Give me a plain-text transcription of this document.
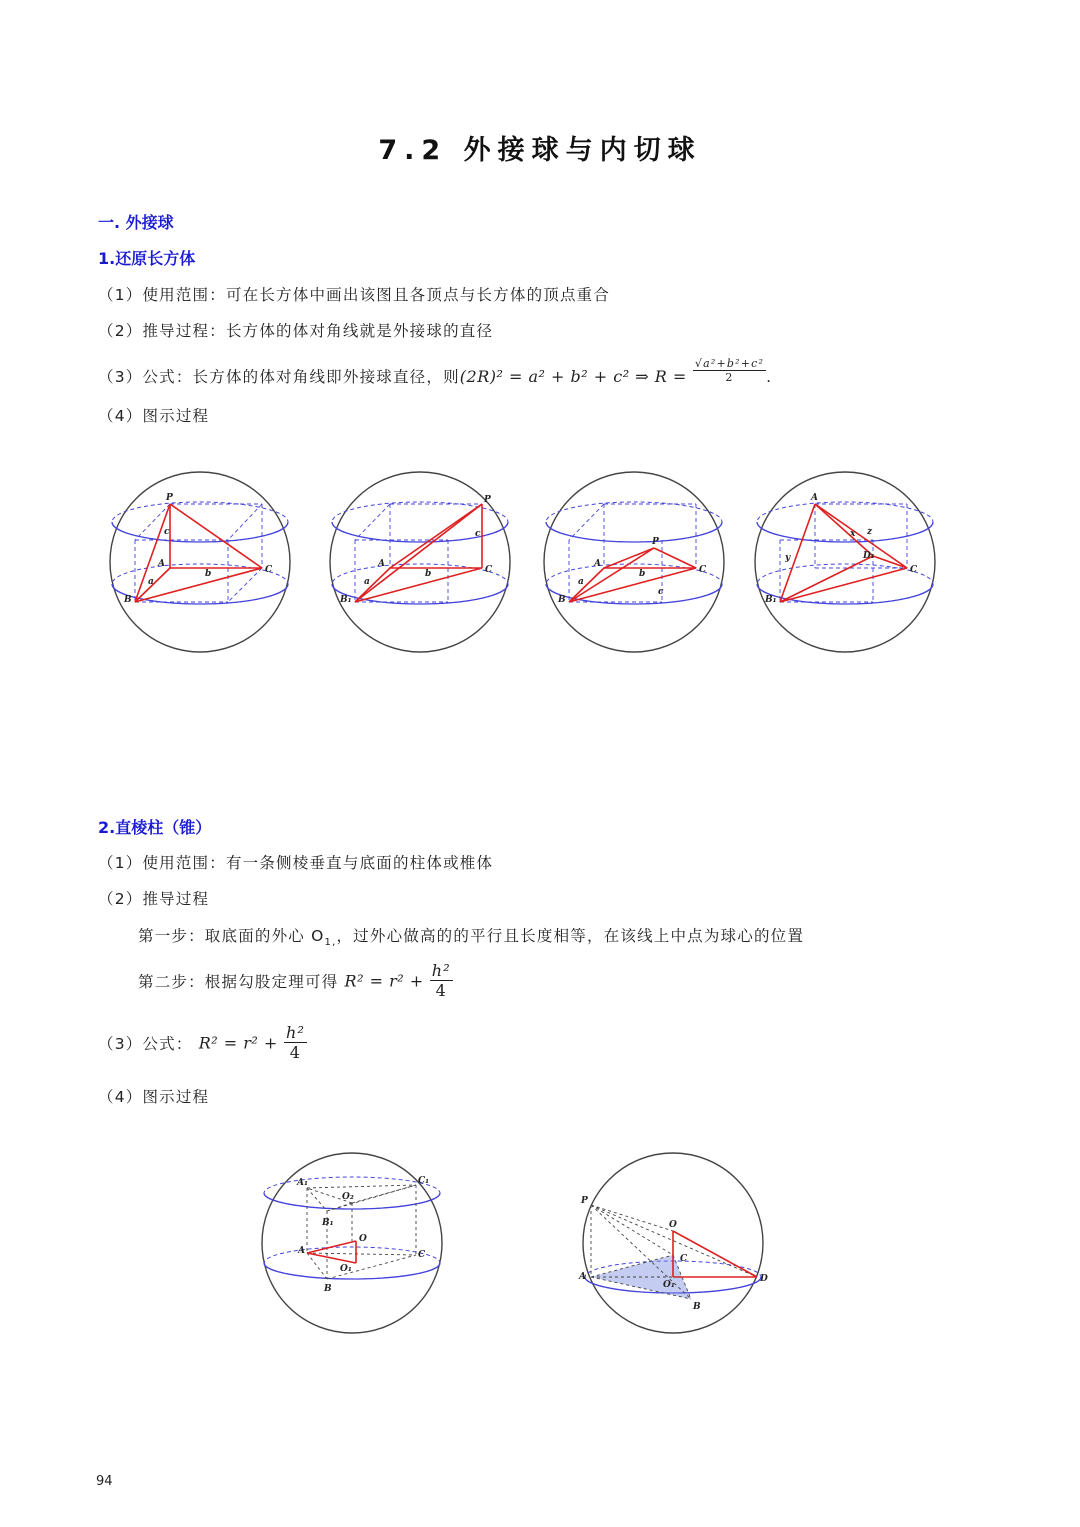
7.2 外接球与内切球
一. 外接球
1.还原长方体
（1）使用范围：可在长方体中画出该图且各顶点与长方体的顶点重合
（2）推导过程：长方体的体对角线就是外接球的直径
（3）公式：长方体的体对角线即外接球直径，则(2R)² = a² + b² + c² ⇒ $R = \frac{\text{√a²+b²+c²}}{2}$ .
（4）图示过程
P
A
B
C
a
b
c
P
A
B₁
C
a
b
c
P
A
B
C
a
b
c
A
B₁
C
D₁
x
y
z
2.直棱柱（锥）
（1）使用范围：有一条侧棱垂直与底面的柱体或椎体
（2）推导过程
第一步：取底面的外心 $O_{1,}$，过外心做高的的平行且长度相等，在该线上中点为球心的位置
第二步：根据勾股定理可得 $R^2 = r^2 + \frac{\text{h²}}{4}$
（3）公式： $R^2 = r^2 + \frac{\text{h²}}{4}$
（4）图示过程
A₁	C₁
O₂
B₁
A
O
C
O₁
B
P
O
C
A
O₁
D
B
94
